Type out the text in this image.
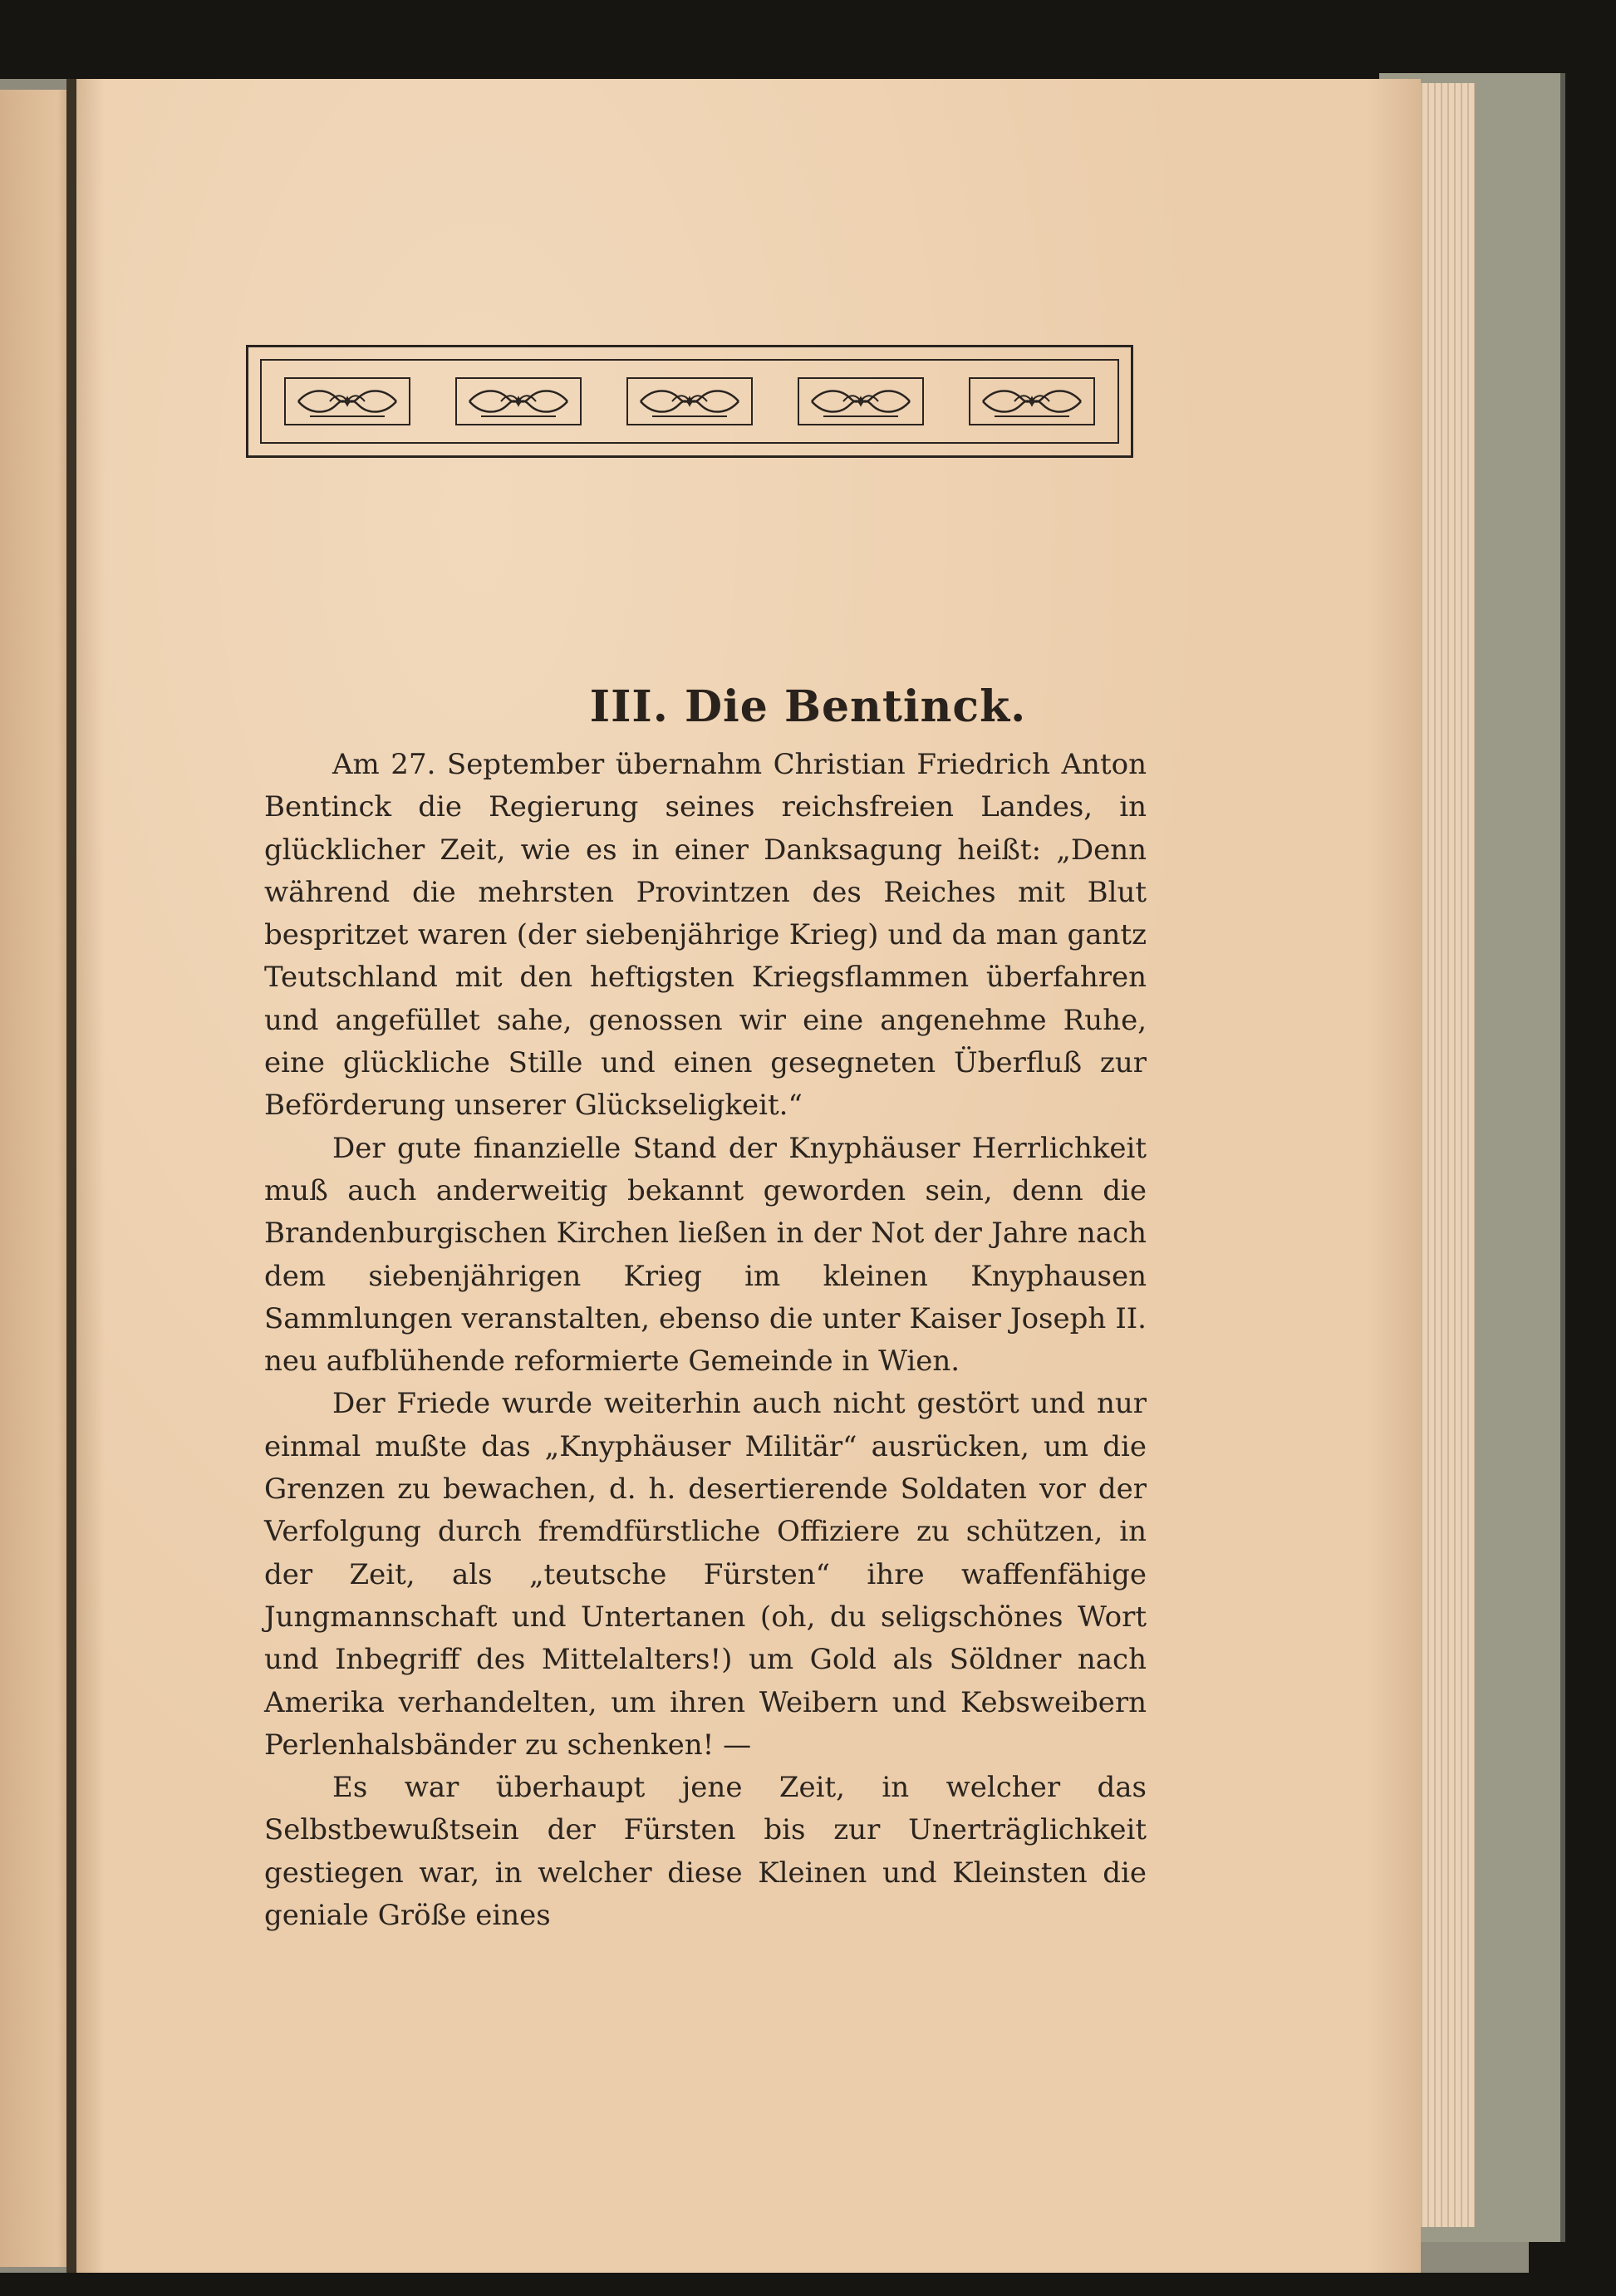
III. Die Bentinck.

Am 27. September übernahm Christian Friedrich Anton Bentinck die Regierung seines reichsfreien Landes, in glücklicher Zeit, wie es in einer Danksagung heißt: „Denn während die mehrsten Provintzen des Reiches mit Blut bespritzet waren (der siebenjährige Krieg) und da man gantz Teutschland mit den heftigsten Kriegsflammen überfahren und angefüllet sahe, genossen wir eine angenehme Ruhe, eine glückliche Stille und einen gesegneten Überfluß zur Beförderung unserer Glückseligkeit.“

Der gute finanzielle Stand der Knyphäuser Herrlichkeit muß auch anderweitig bekannt geworden sein, denn die Brandenburgischen Kirchen ließen in der Not der Jahre nach dem siebenjährigen Krieg im kleinen Knyphausen Sammlungen veranstalten, ebenso die unter Kaiser Joseph II. neu aufblühende reformierte Gemeinde in Wien.

Der Friede wurde weiterhin auch nicht gestört und nur einmal mußte das „Knyphäuser Militär“ ausrücken, um die Grenzen zu bewachen, d. h. desertierende Soldaten vor der Verfolgung durch fremdfürstliche Offiziere zu schützen, in der Zeit, als „teutsche Fürsten“ ihre waffenfähige Jungmannschaft und Untertanen (oh, du seligschönes Wort und Inbegriff des Mittelalters!) um Gold als Söldner nach Amerika verhandelten, um ihren Weibern und Kebsweibern Perlenhalsbänder zu schenken! —

Es war überhaupt jene Zeit, in welcher das Selbstbewußtsein der Fürsten bis zur Unerträglichkeit gestiegen war, in welcher diese Kleinen und Kleinsten die geniale Größe eines
